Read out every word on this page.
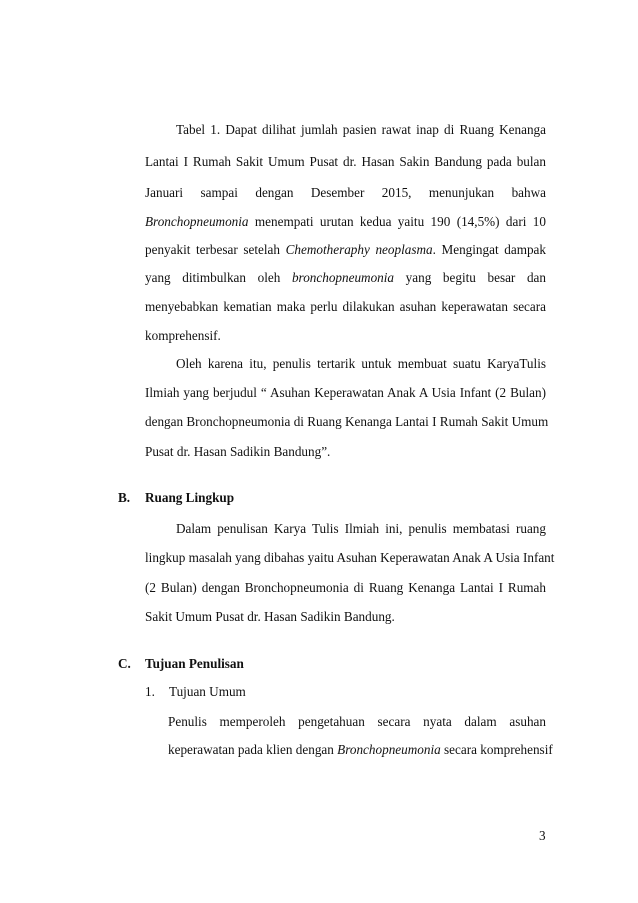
Tabel 1. Dapat dilihat jumlah pasien rawat inap di Ruang Kenanga
Lantai I Rumah Sakit Umum Pusat dr. Hasan Sakin Bandung pada bulan
Januari sampai dengan Desember 2015, menunjukan bahwa
Bronchopneumonia menempati urutan kedua yaitu 190 (14,5%) dari 10
penyakit terbesar setelah Chemotheraphy neoplasma. Mengingat dampak
yang ditimbulkan oleh bronchopneumonia yang begitu besar dan
menyebabkan kematian maka perlu dilakukan asuhan keperawatan secara
komprehensif.
Oleh karena itu, penulis tertarik untuk membuat suatu KaryaTulis
Ilmiah yang berjudul “ Asuhan Keperawatan Anak A Usia Infant (2 Bulan)
dengan Bronchopneumonia di Ruang Kenanga Lantai I Rumah Sakit Umum
Pusat dr. Hasan Sadikin Bandung”.
B. Ruang Lingkup
Dalam penulisan Karya Tulis Ilmiah ini, penulis membatasi ruang
lingkup masalah yang dibahas yaitu Asuhan Keperawatan Anak A Usia Infant
(2 Bulan) dengan Bronchopneumonia di Ruang Kenanga Lantai I Rumah
Sakit Umum Pusat dr. Hasan Sadikin Bandung.
C. Tujuan Penulisan
1. Tujuan Umum
Penulis memperoleh pengetahuan secara nyata dalam asuhan
keperawatan pada klien dengan Bronchopneumonia secara komprehensif
3
